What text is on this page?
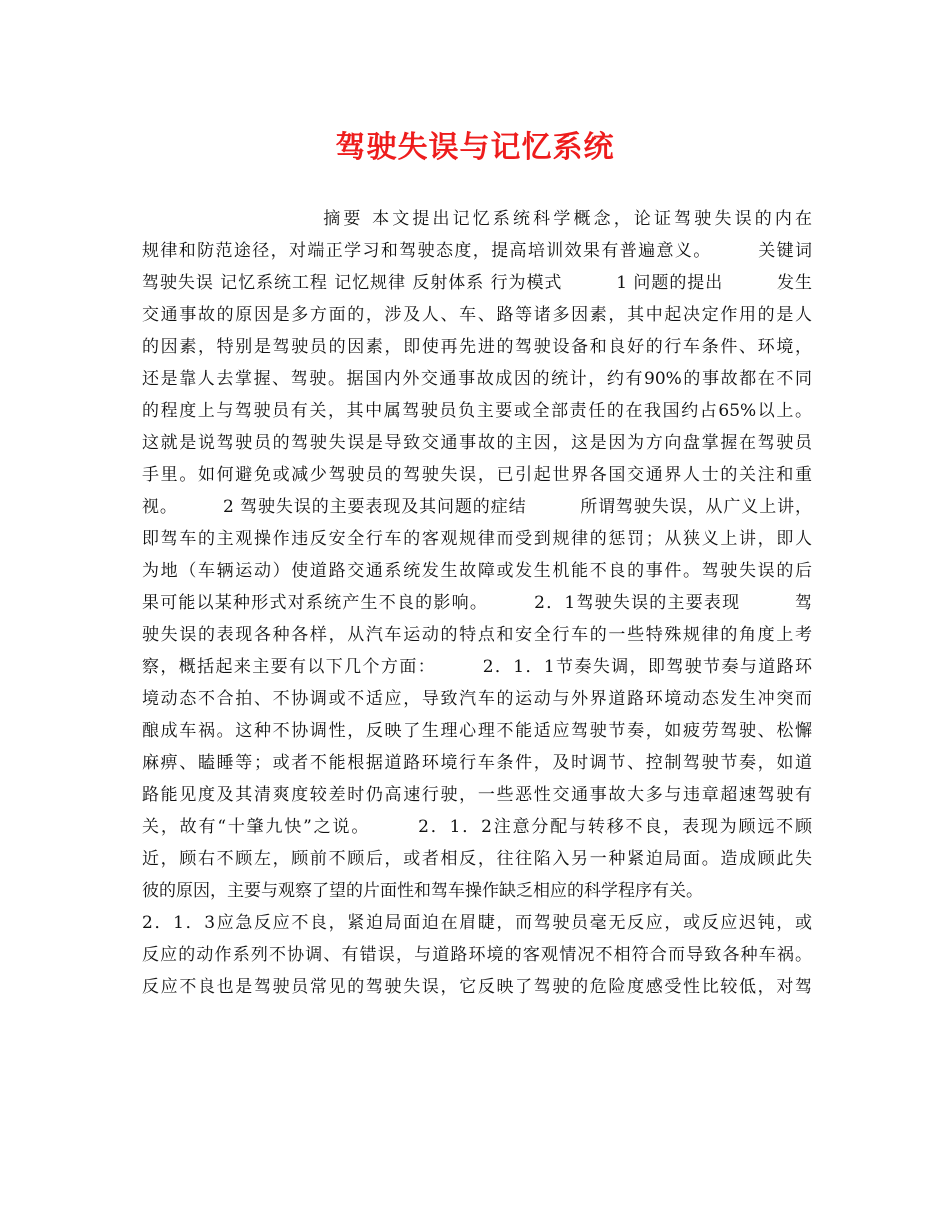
驾驶失误与记忆系统
　　　　　　　　　摘要 本文提出记忆系统科学概念，论证驾驶失误的内在
规律和防范途径，对端正学习和驾驶态度，提高培训效果有普遍意义。　　　关键词
驾驶失误 记忆系统工程 记忆规律 反射体系 行为模式　　　1 问题的提出　　　发生
交通事故的原因是多方面的，涉及人、车、路等诸多因素，其中起决定作用的是人
的因素，特别是驾驶员的因素，即使再先进的驾驶设备和良好的行车条件、环境，
还是靠人去掌握、驾驶。据国内外交通事故成因的统计，约有90%的事故都在不同
的程度上与驾驶员有关，其中属驾驶员负主要或全部责任的在我国约占65%以上。
这就是说驾驶员的驾驶失误是导致交通事故的主因，这是因为方向盘掌握在驾驶员
手里。如何避免或减少驾驶员的驾驶失误，已引起世界各国交通界人士的关注和重
视。　　　2 驾驶失误的主要表现及其问题的症结　　　所谓驾驶失误，从广义上讲，
即驾车的主观操作违反安全行车的客观规律而受到规律的惩罚；从狭义上讲，即人
为地（车辆运动）使道路交通系统发生故障或发生机能不良的事件。驾驶失误的后
果可能以某种形式对系统产生不良的影响。　　　2．1驾驶失误的主要表现　　　驾
驶失误的表现各种各样，从汽车运动的特点和安全行车的一些特殊规律的角度上考
察，概括起来主要有以下几个方面：　　　2．1．1节奏失调，即驾驶节奏与道路环
境动态不合拍、不协调或不适应，导致汽车的运动与外界道路环境动态发生冲突而
酿成车祸。这种不协调性，反映了生理心理不能适应驾驶节奏，如疲劳驾驶、松懈
麻痹、瞌睡等；或者不能根据道路环境行车条件，及时调节、控制驾驶节奏，如道
路能见度及其清爽度较差时仍高速行驶，一些恶性交通事故大多与违章超速驾驶有
关，故有“十肇九快”之说。　　　2．1．2注意分配与转移不良，表现为顾远不顾
近，顾右不顾左，顾前不顾后，或者相反，往往陷入另一种紧迫局面。造成顾此失
彼的原因，主要与观察了望的片面性和驾车操作缺乏相应的科学程序有关。
2．1．3应急反应不良，紧迫局面迫在眉睫，而驾驶员毫无反应，或反应迟钝，或
反应的动作系列不协调、有错误，与道路环境的客观情况不相符合而导致各种车祸。
反应不良也是驾驶员常见的驾驶失误，它反映了驾驶的危险度感受性比较低，对驾
